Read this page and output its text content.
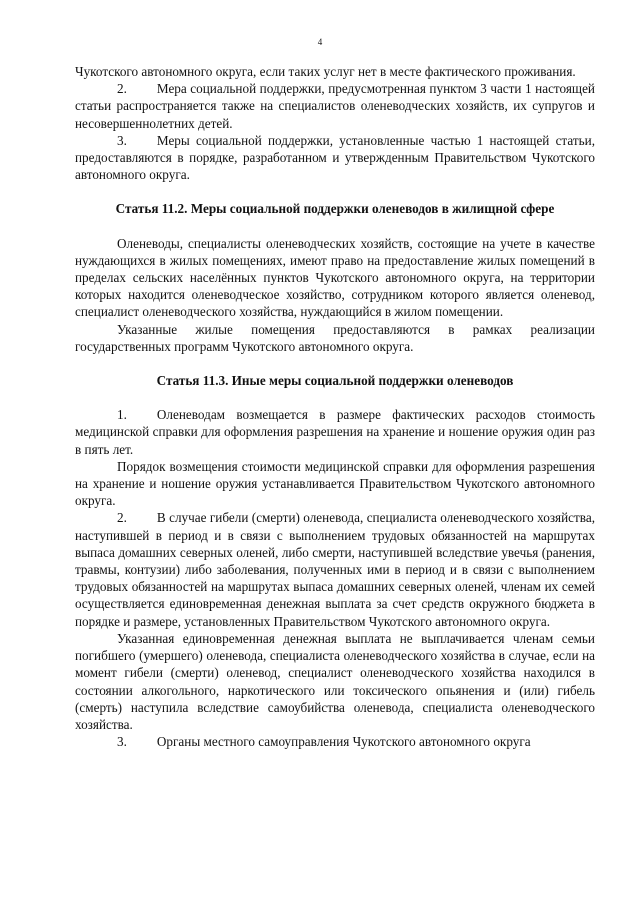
4

Чукотского автономного округа, если таких услуг нет в месте фактического проживания.

2. Мера социальной поддержки, предусмотренная пунктом 3 части 1 настоящей статьи распространяется также на специалистов оленеводческих хозяйств, их супругов и несовершеннолетних детей.

3. Меры социальной поддержки, установленные частью 1 настоящей статьи, предоставляются в порядке, разработанном и утвержденным Правительством Чукотского автономного округа.

Статья 11.2. Меры социальной поддержки оленеводов в жилищной сфере

Оленеводы, специалисты оленеводческих хозяйств, состоящие на учете в качестве нуждающихся в жилых помещениях, имеют право на предоставление жилых помещений в пределах сельских населённых пунктов Чукотского автономного округа, на территории которых находится оленеводческое хозяйство, сотрудником которого является оленевод, специалист оленеводческого хозяйства, нуждающийся в жилом помещении.

Указанные жилые помещения предоставляются в рамках реализации государственных программ Чукотского автономного округа.

Статья 11.3. Иные меры социальной поддержки оленеводов

1. Оленеводам возмещается в размере фактических расходов стоимость медицинской справки для оформления разрешения на хранение и ношение оружия один раз в пять лет.

Порядок возмещения стоимости медицинской справки для оформления разрешения на хранение и ношение оружия устанавливается Правительством Чукотского автономного округа.

2. В случае гибели (смерти) оленевода, специалиста оленеводческого хозяйства, наступившей в период и в связи с выполнением трудовых обязанностей на маршрутах выпаса домашних северных оленей, либо смерти, наступившей вследствие увечья (ранения, травмы, контузии) либо заболевания, полученных ими в период и в связи с выполнением трудовых обязанностей на маршрутах выпаса домашних северных оленей, членам их семей осуществляется единовременная денежная выплата за счет средств окружного бюджета в порядке и размере, установленных Правительством Чукотского автономного округа.

Указанная единовременная денежная выплата не выплачивается членам семьи погибшего (умершего) оленевода, специалиста оленеводческого хозяйства в случае, если на момент гибели (смерти) оленевод, специалист оленеводческого хозяйства находился в состоянии алкогольного, наркотического или токсического опьянения и (или) гибель (смерть) наступила вследствие самоубийства оленевода, специалиста оленеводческого хозяйства.

3. Органы местного самоуправления Чукотского автономного округа
